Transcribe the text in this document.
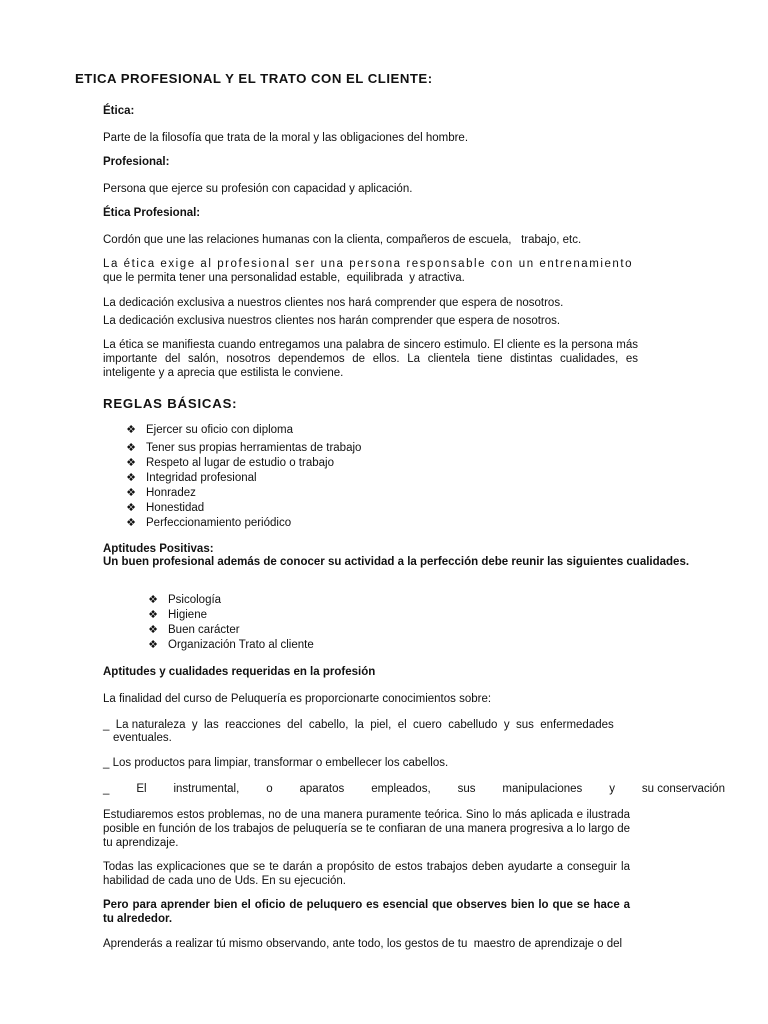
ETICA PROFESIONAL Y EL TRATO CON EL CLIENTE:
Ética:
Parte de la filosofía que trata de la moral y las obligaciones del hombre.
Profesional:
Persona que ejerce su profesión con capacidad y aplicación.
Ética Profesional:
Cordón que une las relaciones humanas con la clienta, compañeros de escuela,   trabajo, etc.
La ética exige al profesional ser una persona responsable con un entrenamiento
que le permita tener una personalidad estable,  equilibrada  y atractiva.
La dedicación exclusiva a nuestros clientes nos hará comprender que espera de nosotros.
La dedicación exclusiva nuestros clientes nos harán comprender que espera de nosotros.
La ética se manifiesta cuando entregamos una palabra de sincero estimulo. El cliente es la persona más importante del salón, nosotros dependemos de ellos. La clientela tiene distintas cualidades, es inteligente y a aprecia que estilista le conviene.
REGLAS BÁSICAS:
❖ Ejercer su oficio con diploma
❖ Tener sus propias herramientas de trabajo
❖ Respeto al lugar de estudio o trabajo
❖ Integridad profesional
❖ Honradez
❖ Honestidad
❖ Perfeccionamiento periódico
Aptitudes Positivas:
Un buen profesional además de conocer su actividad a la perfección debe reunir las siguientes cualidades.
❖ Psicología
❖ Higiene
❖ Buen carácter
❖ Organización Trato al cliente
Aptitudes y cualidades requeridas en la profesión
La finalidad del curso de Peluquería es proporcionarte conocimientos sobre:
_  La naturaleza  y  las  reacciones  del  cabello,  la  piel,  el  cuero  cabelludo  y  sus  enfermedades
eventuales.
_ Los productos para limpiar, transformar o embellecer los cabellos.
_ El instrumental, o aparatos empleados, sus manipulaciones y su conservación
Estudiaremos estos problemas, no de una manera puramente teórica. Sino lo más aplicada e ilustrada posible en función de los trabajos de peluquería se te confiaran de una manera progresiva a lo largo de tu aprendizaje.
Todas las explicaciones que se te darán a propósito de estos trabajos deben ayudarte a conseguir la habilidad de cada uno de Uds. En su ejecución.
Pero para aprender bien el oficio de peluquero es esencial que observes bien lo que se hace a tu alrededor.
Aprenderás a realizar tú mismo observando, ante todo, los gestos de tu  maestro de aprendizaje o del
